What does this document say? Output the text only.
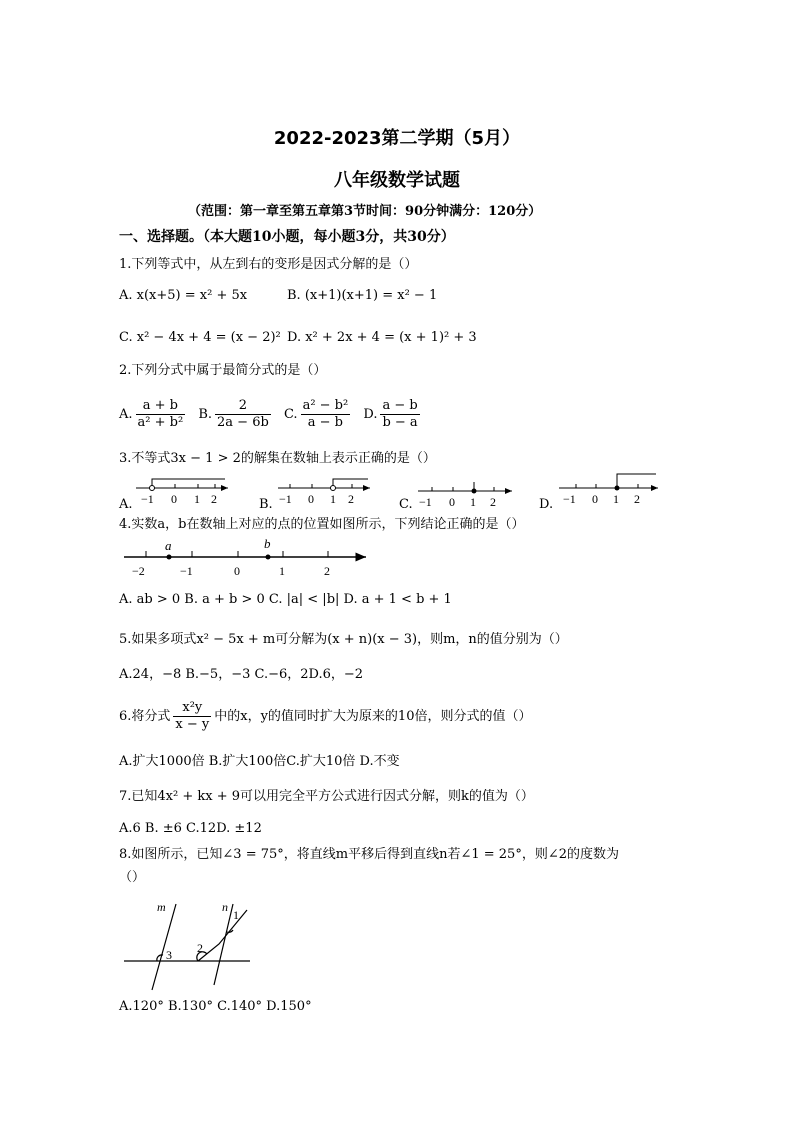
2022-2023第二学期（5月）
八年级数学试题
（范围：第一章至第五章第3节时间：90分钟满分：120分）
一、选择题。（本大题10小题，每小题3分，共30分）
1.下列等式中，从左到右的变形是因式分解的是（）
A. x(x+5) = x² + 5x	B. (x+1)(x+1) = x² − 1
C. x² − 4x + 4 = (x − 2)² D. x² + 2x + 4 = (x + 1)² + 3
2.下列分式中属于最简分式的是（）
A. $\frac{a + b}{\text{a² + b²}} B$. $\frac{2}{2a - 6b} C$. $\frac{\text{a² − b²}}{a - b} D$. $\frac{a - b}{b - a}$
3.不等式3x − 1 > 2的解集在数轴上表示正确的是（）
A.	B.	C.	D.
−1 0 1 2	−1 0 1 2	−1 0 1 2	−1 0 1 2
a	b
−2	−1	0	1	2
m	n
1
2
3
4.实数a，b在数轴上对应的点的位置如图所示，下列结论正确的是（）
A. ab > 0 B. a + b > 0 C. |a| < |b| D. a + 1 < b + 1
5.如果多项式x² − 5x + m可分解为(x + n)(x − 3)，则m，n的值分别为（）
A.24，−8 B.−5，−3 C.−6，2D.6，−2
6.将分式 $\frac{\text{x²y}}{x - y}$ 中的x，y的值同时扩大为原来的10倍，则分式的值（）
A.扩大1000倍 B.扩大100倍C.扩大10倍 D.不变
7.已知4x² + kx + 9可以用完全平方公式进行因式分解，则k的值为（）
A.6 B. ±6 C.12D. ±12
8.如图所示，已知∠3 = 75°，将直线m平移后得到直线n若∠1 = 25°，则∠2的度数为
（）
A.120° B.130° C.140° D.150°
